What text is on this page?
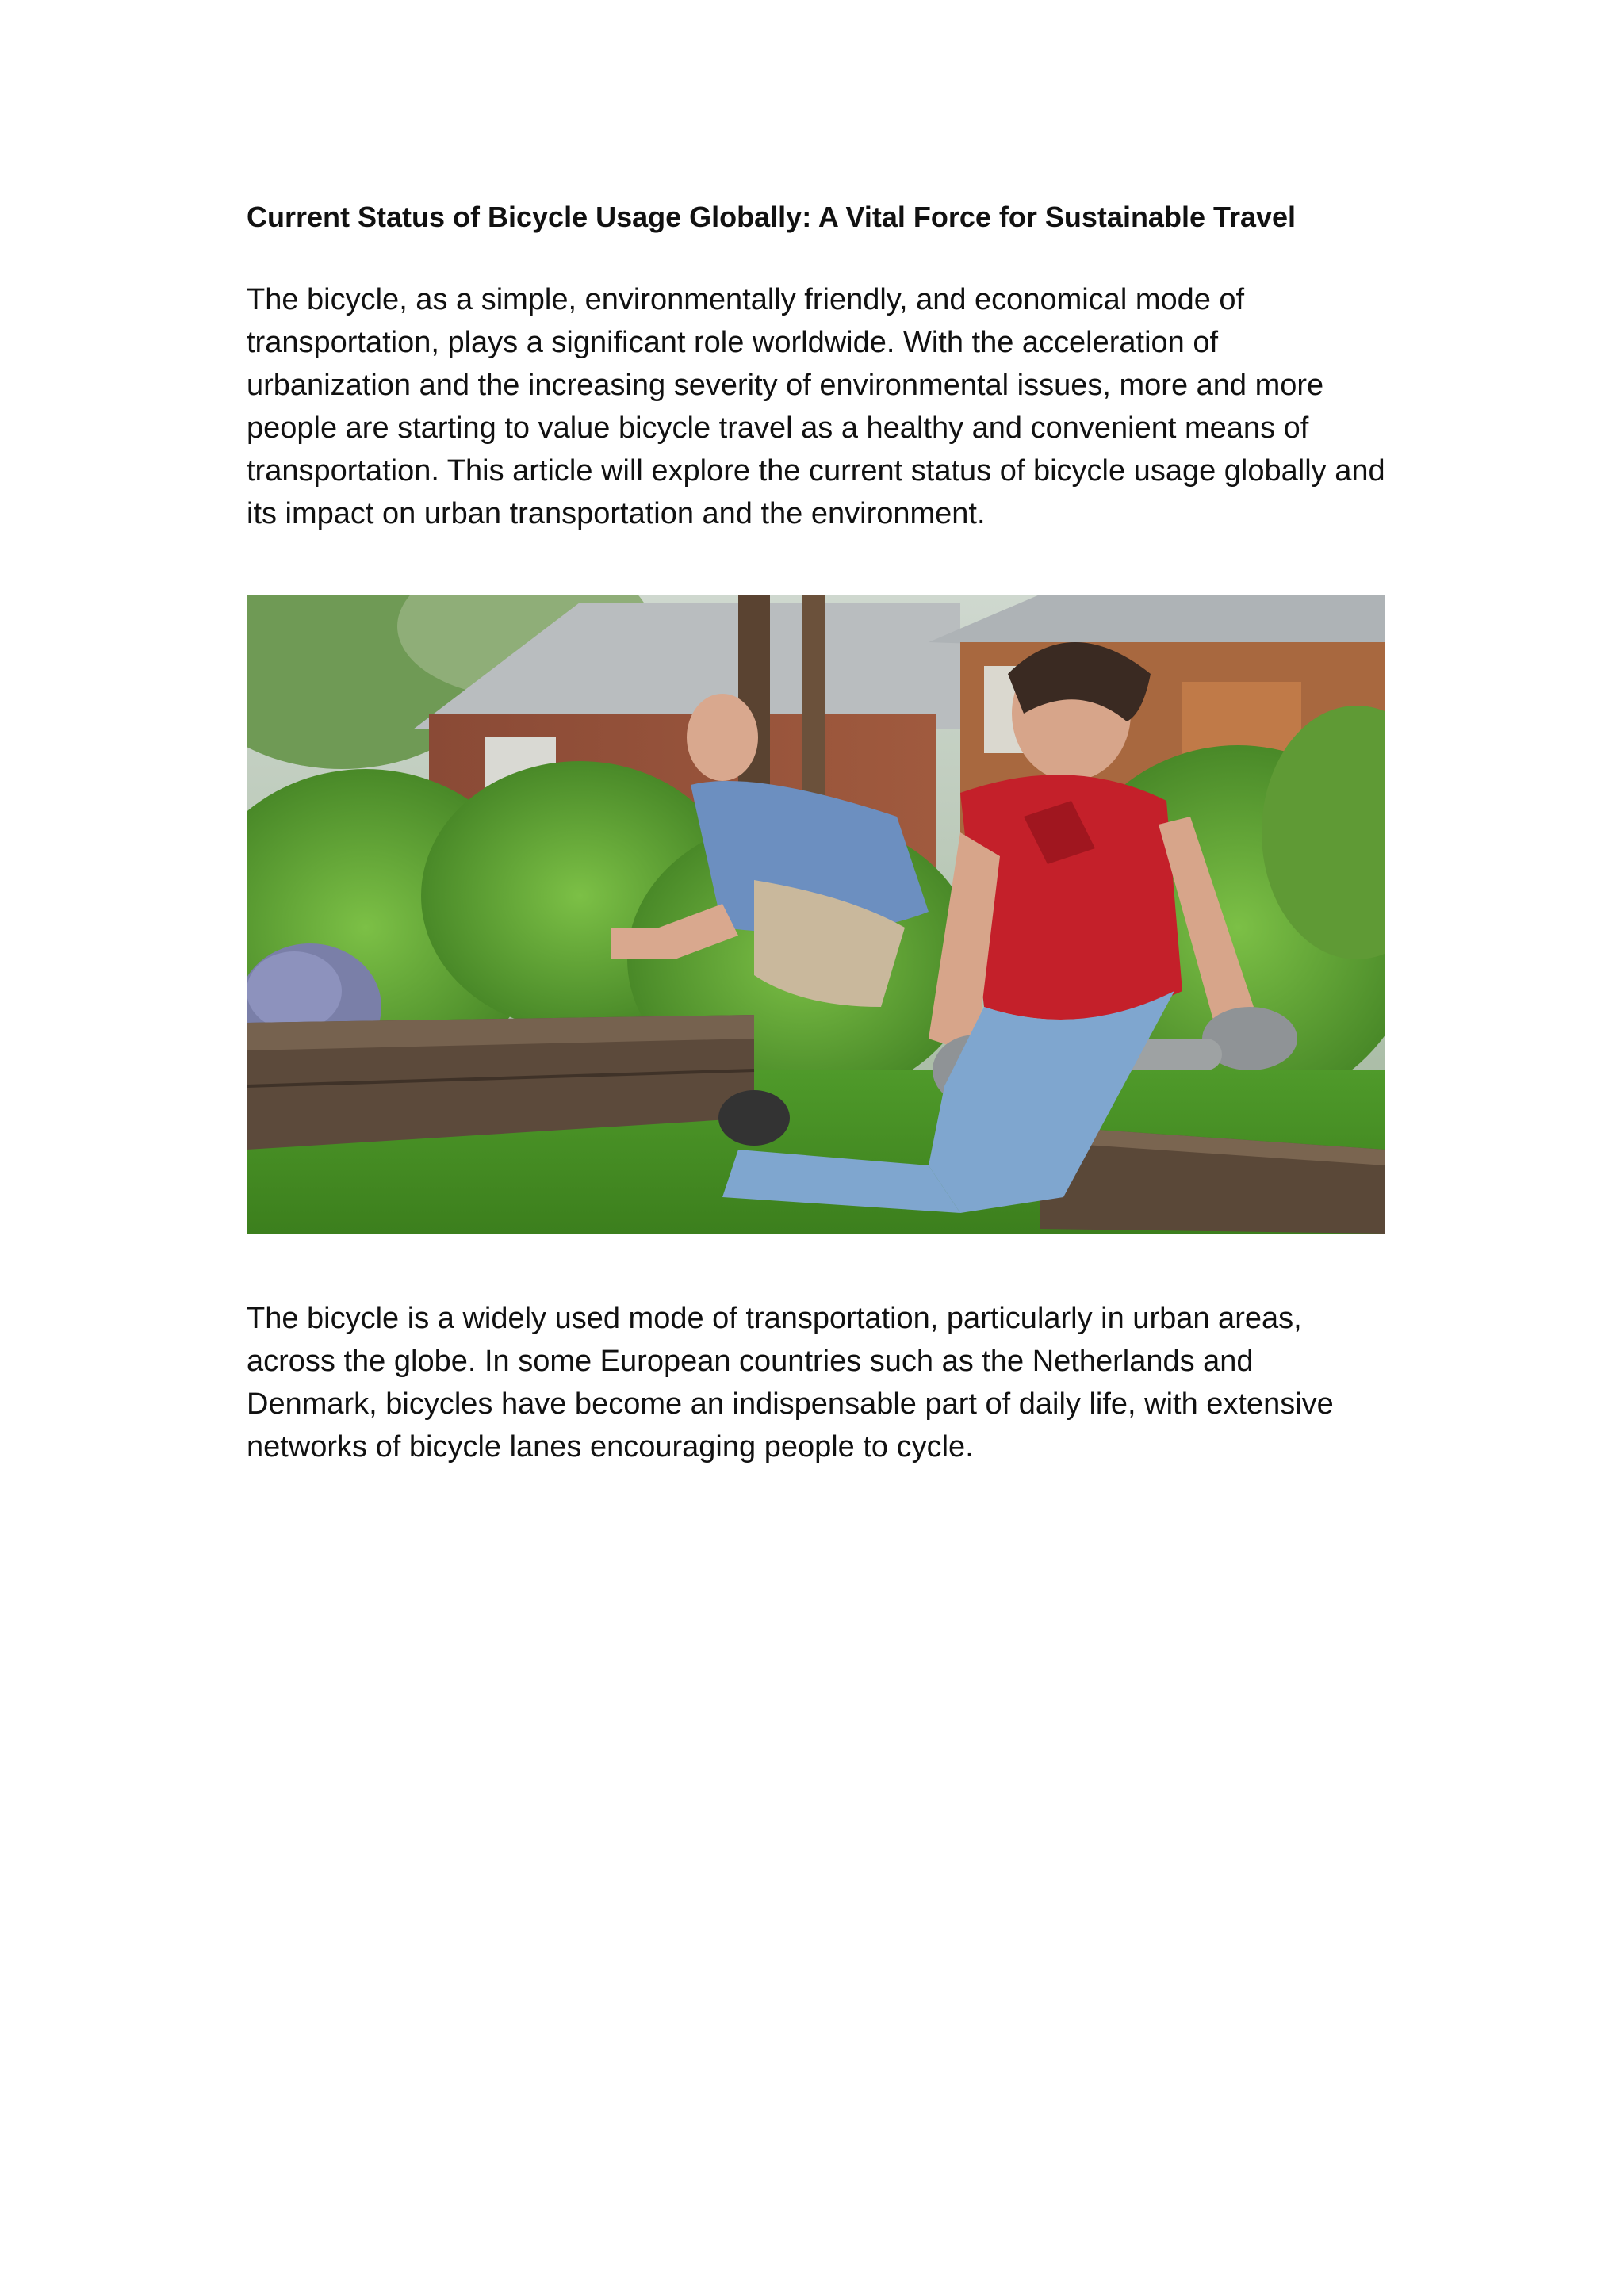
Current Status of Bicycle Usage Globally: A Vital Force for Sustainable Travel

The bicycle, as a simple, environmentally friendly, and economical mode of transportation, plays a significant role worldwide. With the acceleration of urbanization and the increasing severity of environmental issues, more and more people are starting to value bicycle travel as a healthy and convenient means of transportation. This article will explore the current status of bicycle usage globally and its impact on urban transportation and the environment.

The bicycle is a widely used mode of transportation, particularly in urban areas, across the globe. In some European countries such as the Netherlands and Denmark, bicycles have become an indispensable part of daily life, with extensive networks of bicycle lanes encouraging people to cycle.
